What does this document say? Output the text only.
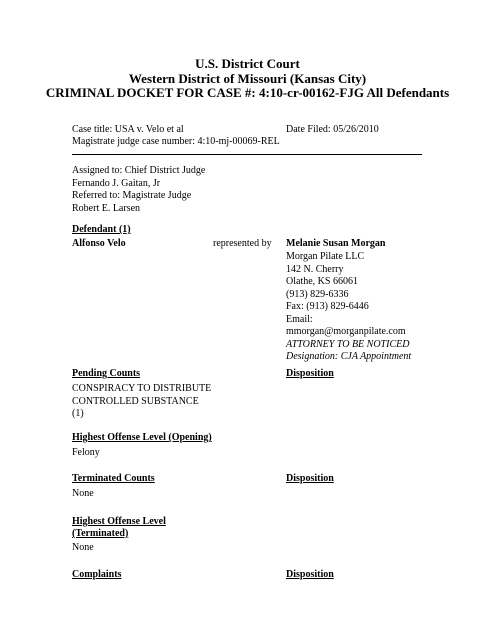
U.S. District Court
Western District of Missouri (Kansas City)
CRIMINAL DOCKET FOR CASE #: 4:10-cr-00162-FJG All Defendants
Case title: USA v. Velo et al
Magistrate judge case number: 4:10-mj-00069-REL
Date Filed: 05/26/2010
Assigned to: Chief District Judge
Fernando J. Gaitan, Jr
Referred to: Magistrate Judge
Robert E. Larsen
Defendant (1)
Alfonso Velo	represented by Melanie Susan Morgan
Morgan Pilate LLC
142 N. Cherry
Olathe, KS 66061
(913) 829-6336
Fax: (913) 829-6446
Email:
mmorgan@morganpilate.com
ATTORNEY TO BE NOTICED
Designation: CJA Appointment
Pending Counts	Disposition
CONSPIRACY TO DISTRIBUTE
CONTROLLED SUBSTANCE
(1)
Highest Offense Level (Opening)
Felony
Terminated Counts	Disposition
None
Highest Offense Level
(Terminated)
None
Complaints	Disposition
